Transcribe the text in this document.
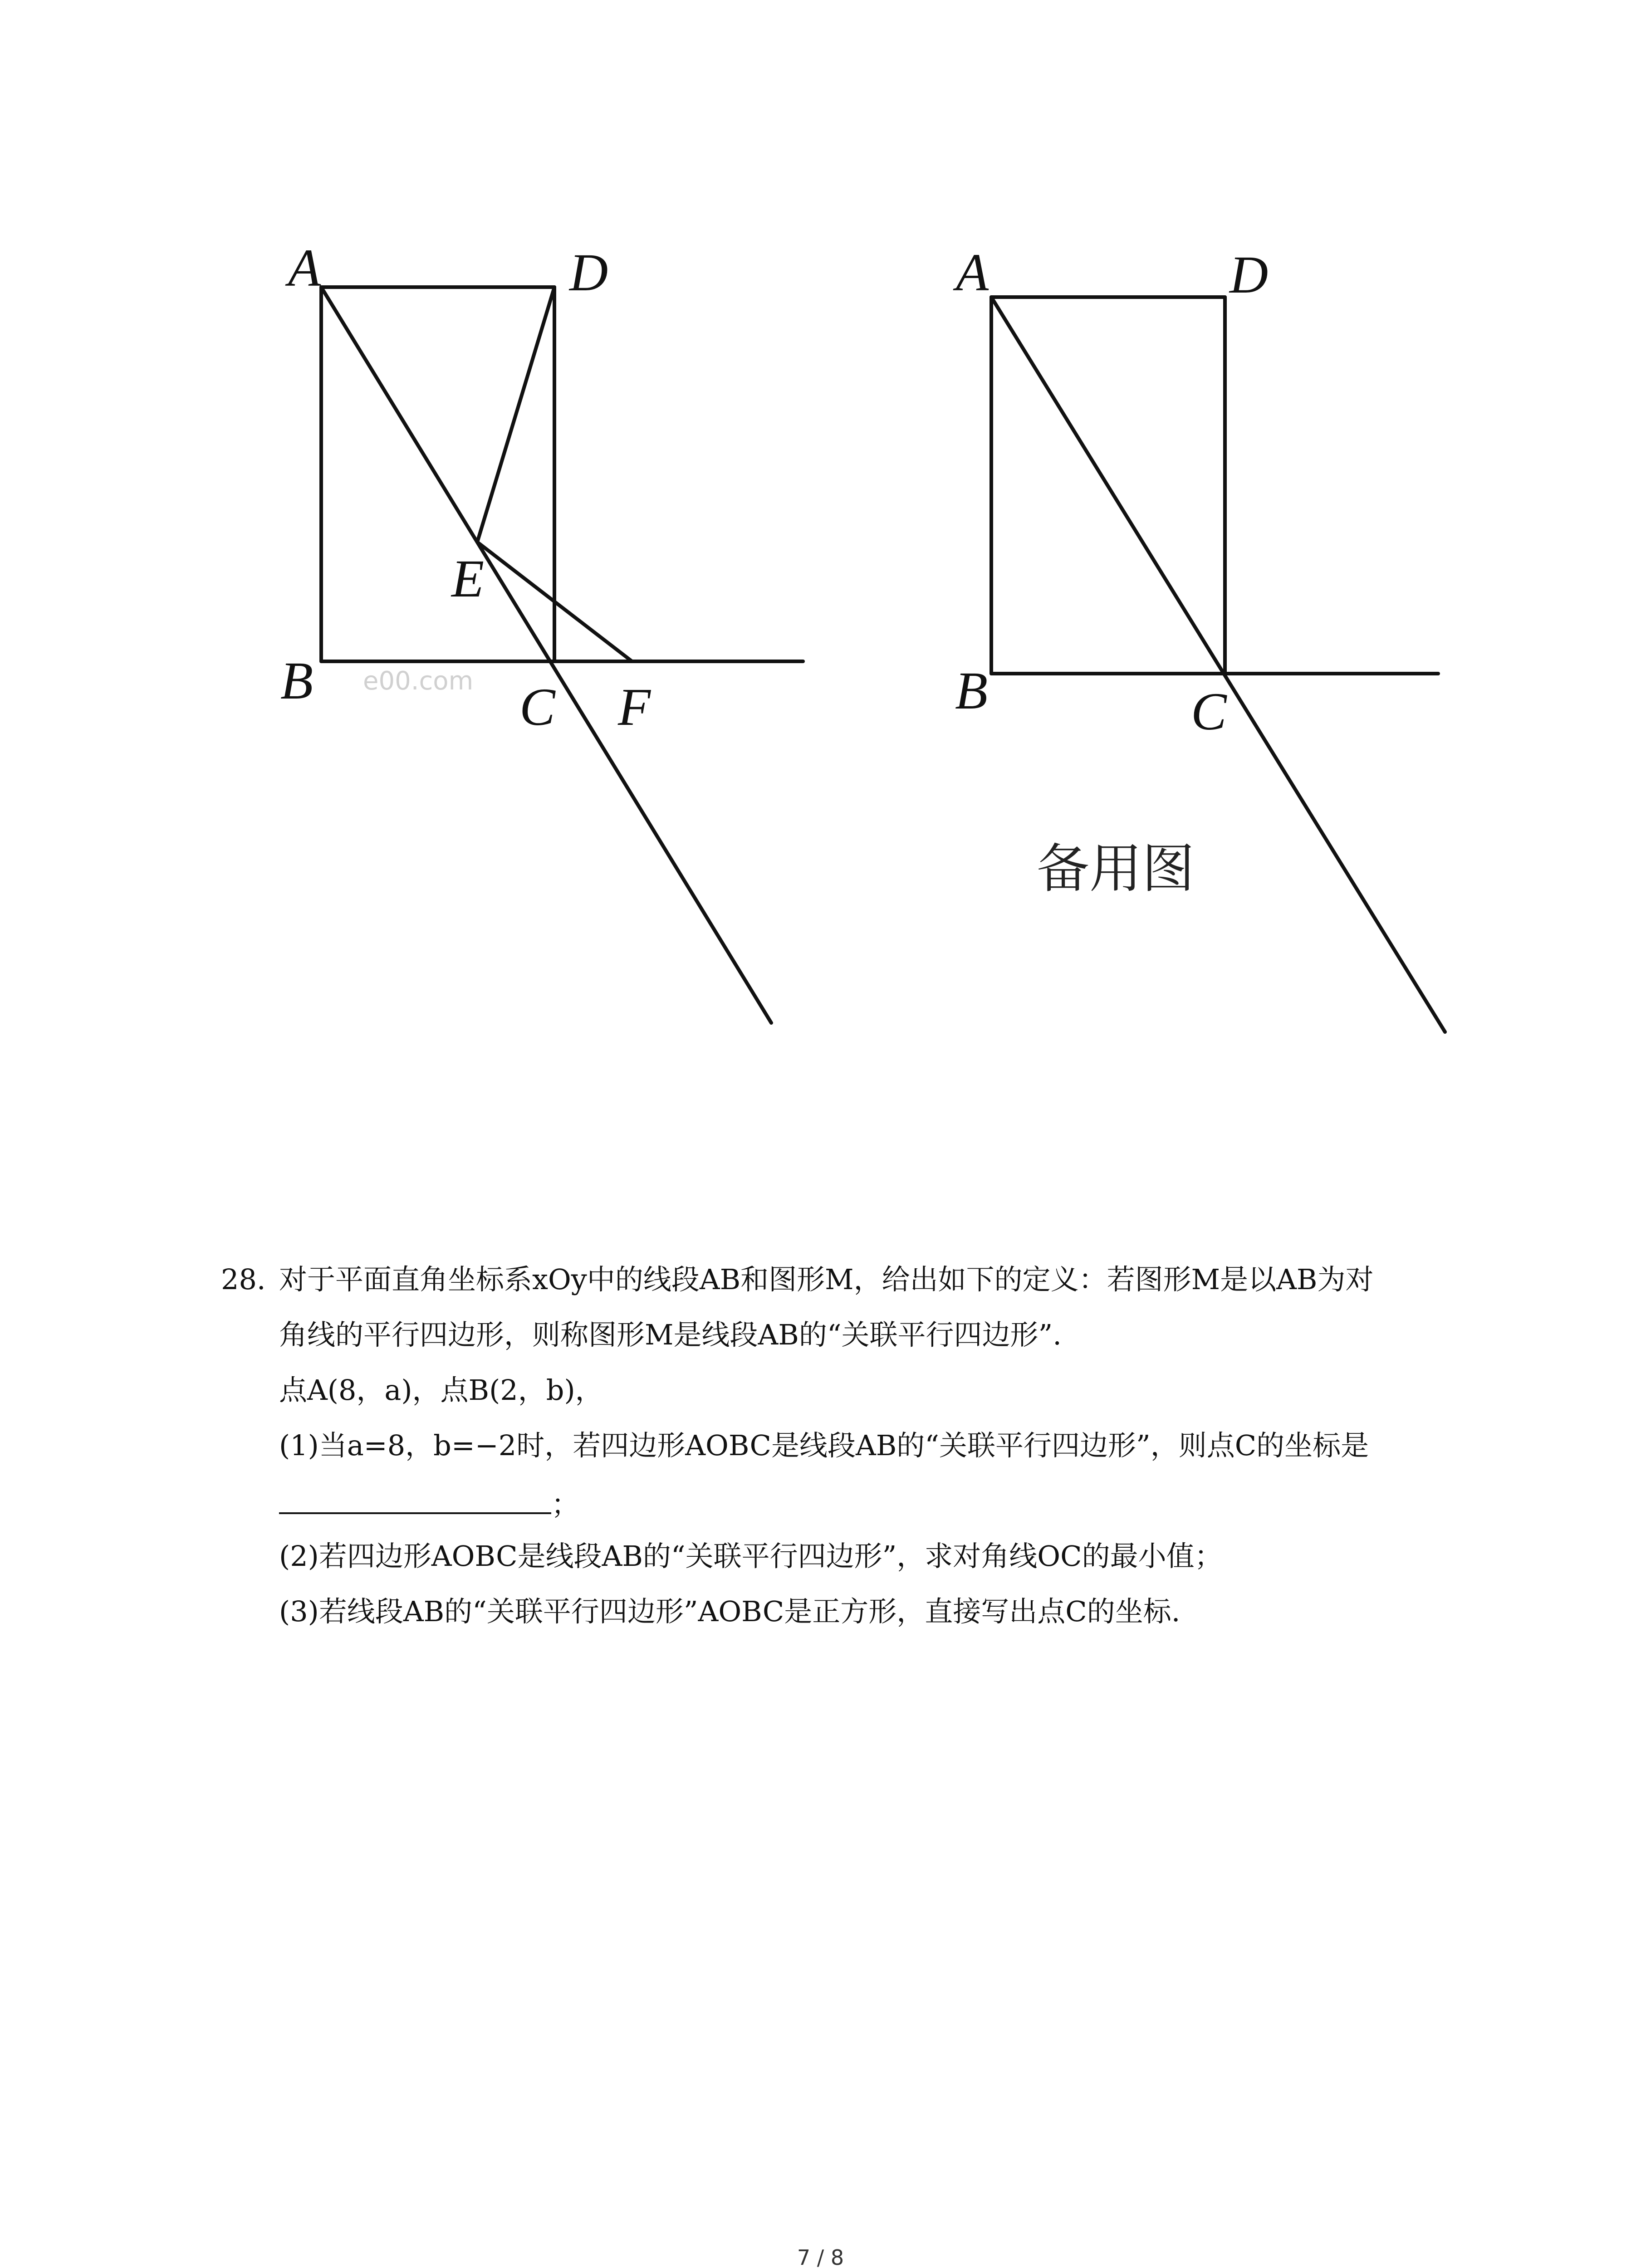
e00.com
A	D
E
B	C F
A	D
B	C
备用图
28. 对于平面直角坐标系xOy中的线段AB和图形M，给出如下的定义：若图形M是以AB为对
角线的平行四边形，则称图形M是线段AB的“关联平行四边形”.
点A(8，a)，点B(2，b)，
(1)当a=8，b=−2时，若四边形AOBC是线段AB的“关联平行四边形”，则点C的坐标是
；
(2)若四边形AOBC是线段AB的“关联平行四边形”，求对角线OC的最小值；
(3)若线段AB的“关联平行四边形”AOBC是正方形，直接写出点C的坐标.
7 / 8
